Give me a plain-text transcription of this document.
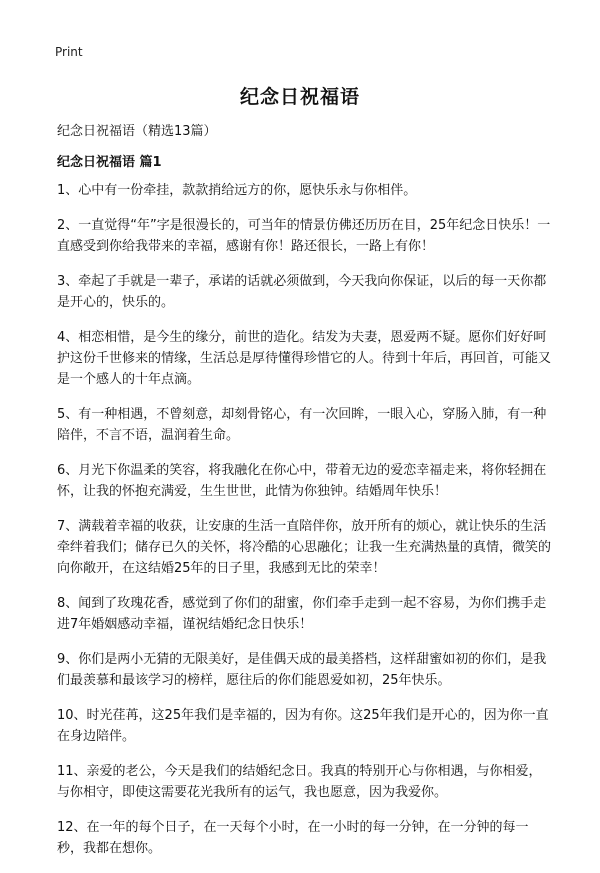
Print
纪念日祝福语
纪念日祝福语（精选13篇）
纪念日祝福语 篇1

1、心中有一份牵挂，款款捎给远方的你，愿快乐永与你相伴。

2、一直觉得“年”字是很漫长的，可当年的情景仿佛还历历在目，25年纪念日快乐！一直感受到你给我带来的幸福，感谢有你！路还很长，一路上有你！

3、牵起了手就是一辈子，承诺的话就必须做到，今天我向你保证，以后的每一天你都是开心的，快乐的。

4、相恋相惜，是今生的缘分，前世的造化。结发为夫妻，恩爱两不疑。愿你们好好呵护这份千世修来的情缘，生活总是厚待懂得珍惜它的人。待到十年后，再回首，可能又是一个感人的十年点滴。

5、有一种相遇，不曾刻意，却刻骨铭心，有一次回眸，一眼入心，穿肠入肺，有一种陪伴，不言不语，温润着生命。

6、月光下你温柔的笑容，将我融化在你心中，带着无边的爱恋幸福走来，将你轻拥在怀，让我的怀抱充满爱，生生世世，此情为你独钟。结婚周年快乐！

7、满载着幸福的收获，让安康的生活一直陪伴你，放开所有的烦心，就让快乐的生活牵绊着我们；储存已久的关怀，将冷酷的心思融化；让我一生充满热量的真情，微笑的向你敞开，在这结婚25年的日子里，我感到无比的荣幸！

8、闻到了玫瑰花香，感觉到了你们的甜蜜，你们牵手走到一起不容易，为你们携手走进7年婚姻感动幸福，谨祝结婚纪念日快乐！

9、你们是两小无猜的无限美好，是佳偶天成的最美搭档，这样甜蜜如初的你们，是我们最羡慕和最该学习的榜样，愿往后的你们能恩爱如初，25年快乐。

10、时光荏苒，这25年我们是幸福的，因为有你。这25年我们是开心的，因为你一直在身边陪伴。

11、亲爱的老公，今天是我们的结婚纪念日。我真的特别开心与你相遇，与你相爱，与你相守，即使这需要花光我所有的运气，我也愿意，因为我爱你。

12、在一年的每个日子，在一天每个小时，在一小时的每一分钟，在一分钟的每一秒，我都在想你。
